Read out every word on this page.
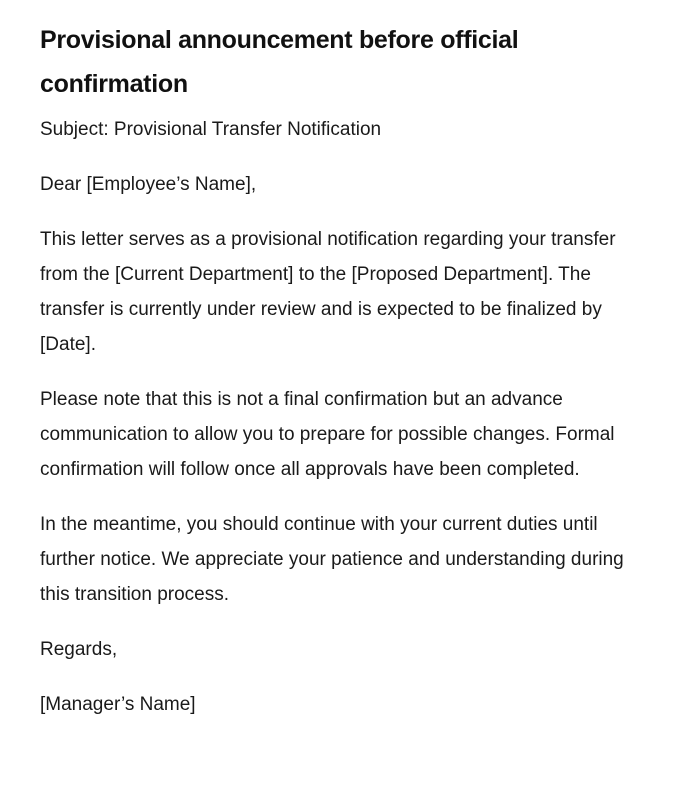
Provisional announcement before official confirmation

Subject: Provisional Transfer Notification

Dear [Employee’s Name],

This letter serves as a provisional notification regarding your transfer from the [Current Department] to the [Proposed Department]. The transfer is currently under review and is expected to be finalized by [Date].

Please note that this is not a final confirmation but an advance communication to allow you to prepare for possible changes. Formal confirmation will follow once all approvals have been completed.

In the meantime, you should continue with your current duties until further notice. We appreciate your patience and understanding during this transition process.

Regards,

[Manager’s Name]
